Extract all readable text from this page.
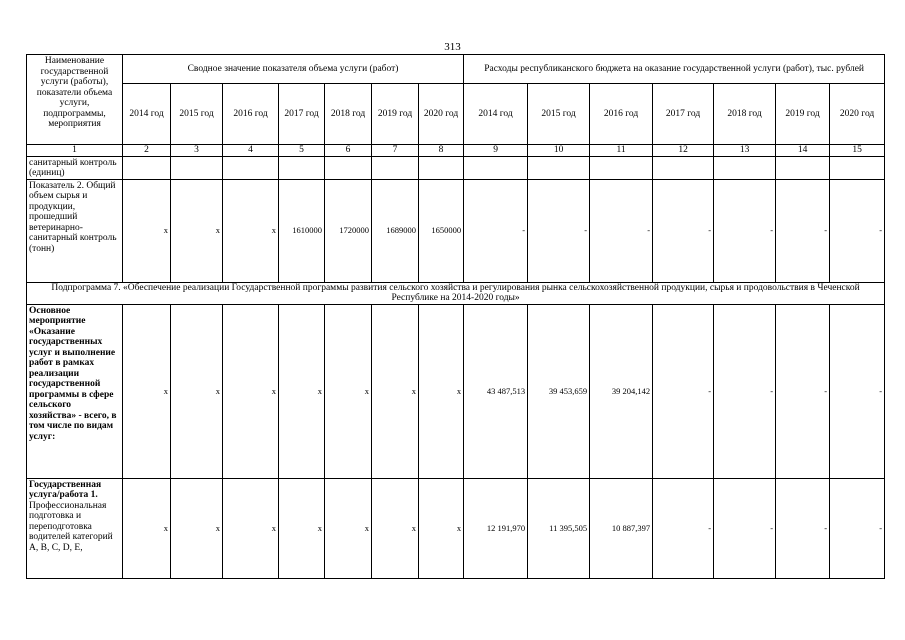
313
Наименование государственной услуги (работы), показатели объема услуги, подпрограммы, мероприятия	Сводное значение показателя объема услуги (работ)							Расходы республиканского бюджета на оказание государственной услуги (работ), тыс. рублей						
	2014 год	2015 год	2016 год	2017 год	2018 год	2019 год	2020 год	2014 год	2015 год	2016 год	2017 год	2018 год	2019 год	2020 год
1	2	3	4	5	6	7	8	9	10	11	12	13	14	15
санитарный контроль (единиц)														
Показатель 2. Общий объем сырья и продукции, прошедший ветеринарно-санитарный контроль (тонн)	х	х	х	1610000	1720000	1689000	1650000	-	-	-	-	-	-	-
Подпрограмма 7. «Обеспечение реализации Государственной программы развития сельского хозяйства и регулирования рынка сельскохозяйственной продукции, сырья и продовольствия в Чеченской Республике на 2014-2020 годы»														
Основное мероприятие «Оказание государственных услуг и выполнение работ в рамках реализации государственной программы в сфере сельского хозяйства» - всего, в том числе по видам услуг:	х	х	х	х	х	х	х	43 487,513	39 453,659	39 204,142	-	-	-	-
Государственная услуга/работа 1. Профессиональная подготовка и переподготовка водителей категорий А, В, С, D, Е,	х	х	х	х	х	х	х	12 191,970	11 395,505	10 887,397	-	-	-	-
